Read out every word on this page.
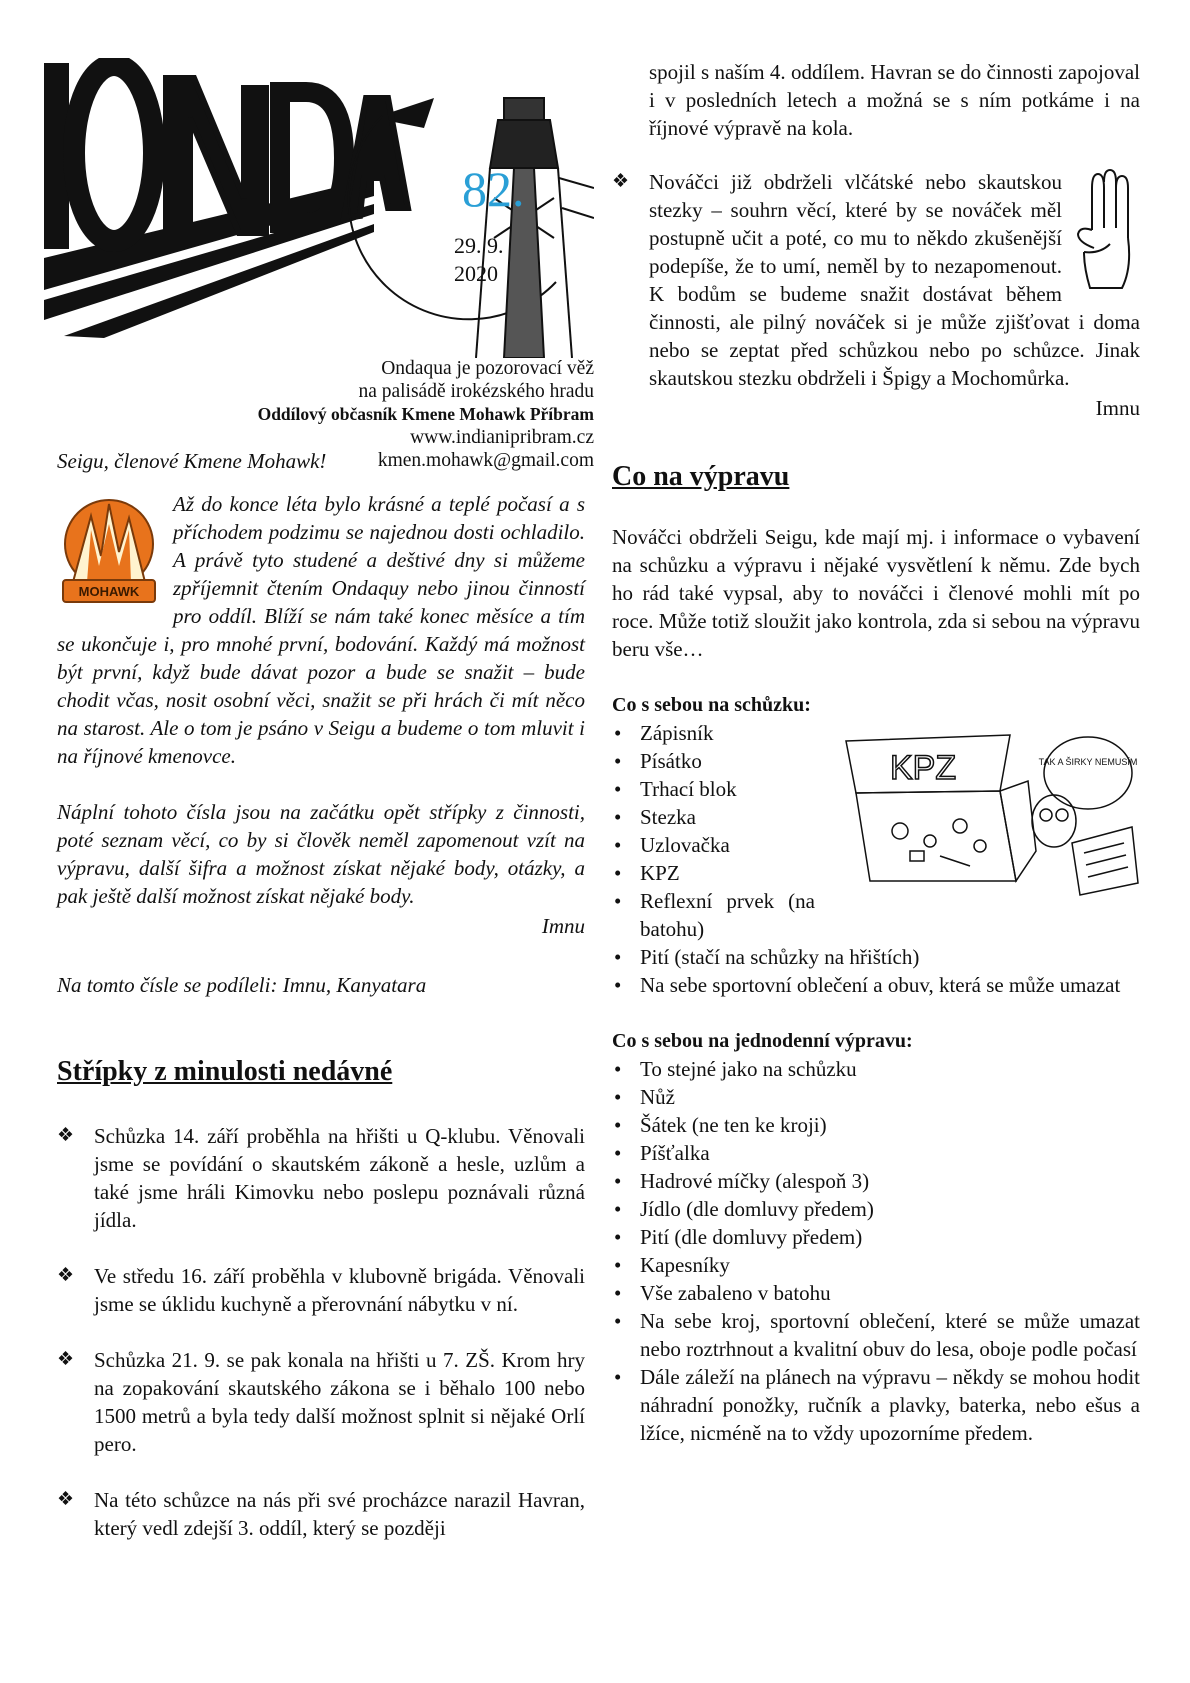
82.
29. 9.
2020
Ondaqua je pozorovací věž
na palisádě irokézského hradu
Oddílový občasník Kmene Mohawk Příbram
www.indianipribram.cz
kmen.mohawk@gmail.com

Seigu, členové Kmene Mohawk!

MOHAWK

Až do konce léta bylo krásné a teplé počasí a s příchodem podzimu se najednou dosti ochladilo. A právě tyto studené a deštivé dny si můžeme zpříjemnit čtením Ondaquy nebo jinou činností pro oddíl. Blíží se nám také konec měsíce a tím se ukončuje i, pro mnohé první, bodování. Každý má možnost být první, když bude dávat pozor a bude se snažit – bude chodit včas, nosit osobní věci, snažit se při hrách či mít něco na starost. Ale o tom je psáno v Seigu a budeme o tom mluvit i na říjnové kmenovce.

Náplní tohoto čísla jsou na začátku opět střípky z činnosti, poté seznam věcí, co by si člověk neměl zapomenout vzít na výpravu, další šifra a možnost získat nějaké body, otázky, a pak ještě další možnost získat nějaké body.

Imnu

Na tomto čísle se podíleli: Imnu, Kanyatara

Střípky z minulosti nedávné
❖ Schůzka 14. září proběhla na hřišti u Q-klubu. Věnovali jsme se povídání o skautském zákoně a hesle, uzlům a také jsme hráli Kimovku nebo poslepu poznávali různá jídla.
❖ Ve středu 16. září proběhla v klubovně brigáda. Věnovali jsme se úklidu kuchyně a přerovnání nábytku v ní.
❖ Schůzka 21. 9. se pak konala na hřišti u 7. ZŠ. Krom hry na zopakování skautského zákona se i běhalo 100 nebo 1500 metrů a byla tedy další možnost splnit si nějaké Orlí pero.
❖ Na této schůzce na nás při své procházce narazil Havran, který vedl zdejší 3. oddíl, který se později

spojil s naším 4. oddílem. Havran se do činnosti zapojoval i v posledních letech a možná se s ním potkáme i na říjnové výpravě na kola.

❖ Nováčci již obdrželi vlčátské nebo skautskou stezky – souhrn věcí, které by se nováček měl postupně učit a poté, co mu to někdo zkušenější podepíše, že to umí, neměl by to nezapomenout. K bodům se budeme snažit dostávat během činnosti, ale pilný nováček si je může zjišťovat i doma nebo se zeptat před schůzkou nebo po schůzce. Jinak skautskou stezku obdrželi i Špigy a Mochomůrka.

Imnu

Co na výpravu

Nováčci obdrželi Seigu, kde mají mj. i informace o vybavení na schůzku a výpravu i nějaké vysvětlení k němu. Zde bych ho rád také vypsal, aby to nováčci i členové mohli mít po roce. Může totiž sloužit jako kontrola, zda si sebou na výpravu beru vše…

Co s sebou na schůzku:

KPZ	TAK A ŠIRKY NEMUSÍM
• Zápisník
• Písátko
• Trhací blok
• Stezka
• Uzlovačka
• KPZ
• Reflexní prvek (na batohu)
• Pití (stačí na schůzky na hřištích)
• Na sebe sportovní oblečení a obuv, která se může umazat

Co s sebou na jednodenní výpravu:

• To stejné jako na schůzku
• Nůž
• Šátek (ne ten ke kroji)
• Píšťalka
• Hadrové míčky (alespoň 3)
• Jídlo (dle domluvy předem)
• Pití (dle domluvy předem)
• Kapesníky
• Vše zabaleno v batohu
• Na sebe kroj, sportovní oblečení, které se může umazat nebo roztrhnout a kvalitní obuv do lesa, oboje podle počasí
• Dále záleží na plánech na výpravu – někdy se mohou hodit náhradní ponožky, ručník a plavky, baterka, nebo ešus a lžíce, nicméně na to vždy upozorníme předem.
